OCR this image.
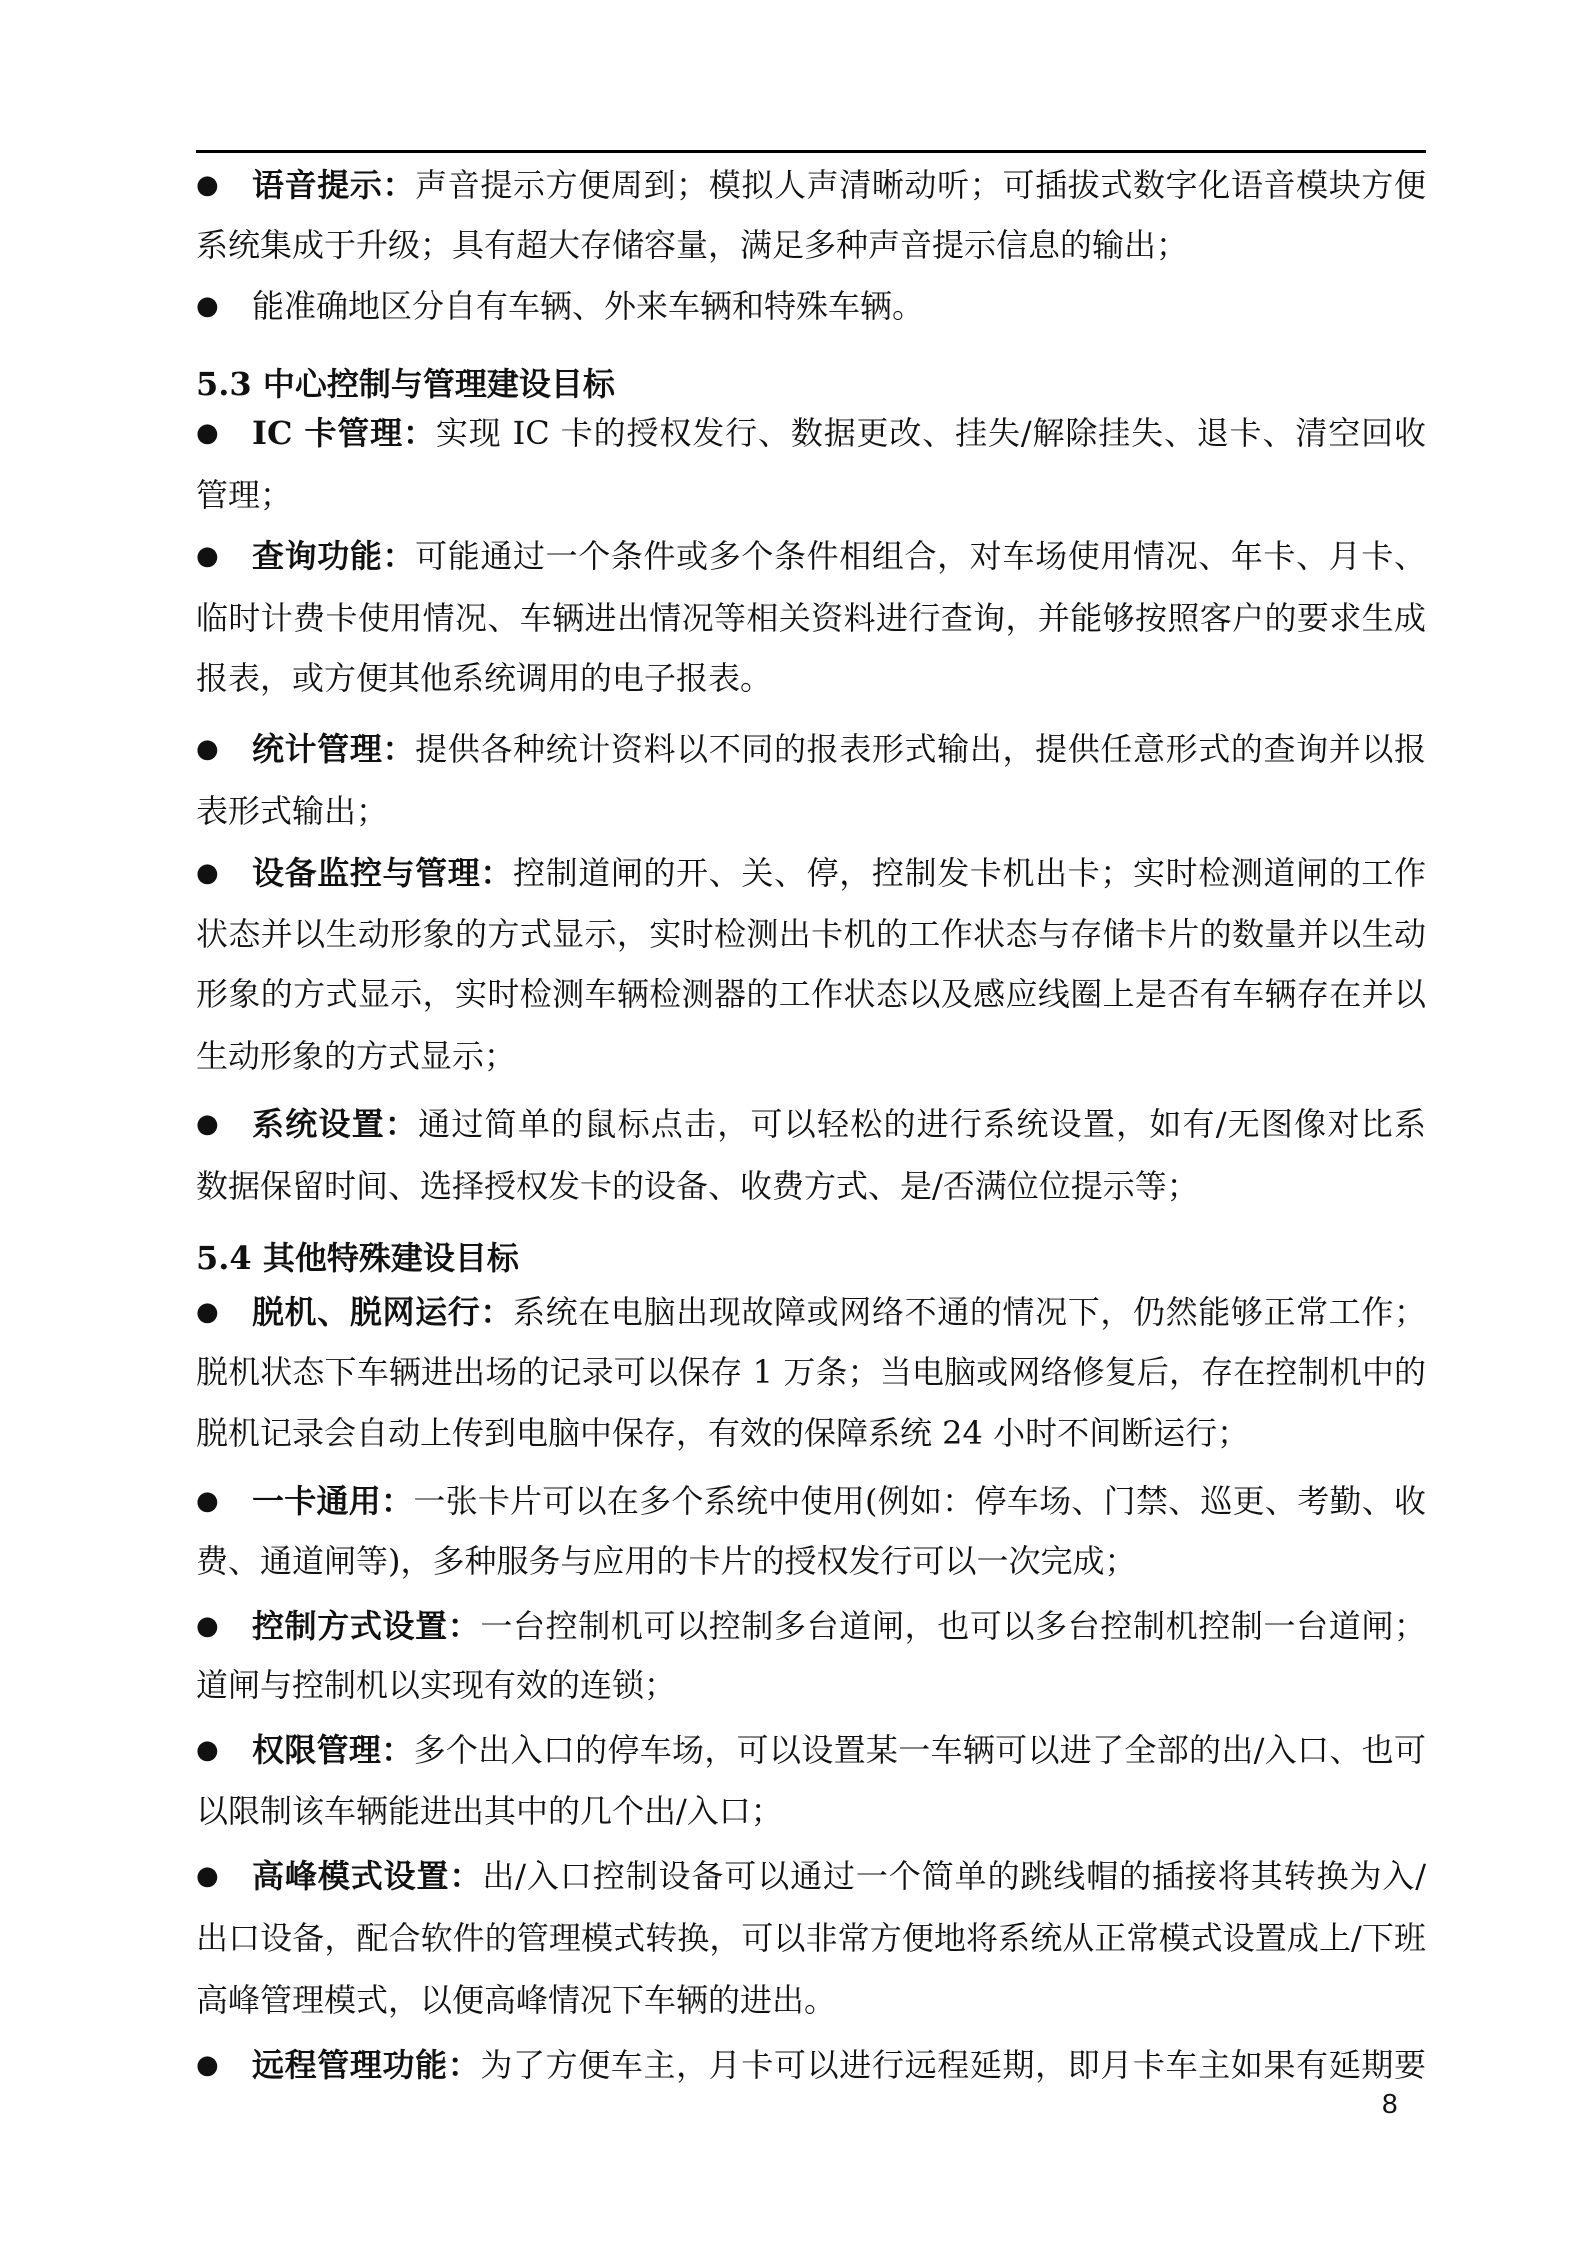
● 语音提示：声音提示方便周到；模拟人声清晰动听；可插拔式数字化语音模块方便
系统集成于升级；具有超大存储容量，满足多种声音提示信息的输出；
● 能准确地区分自有车辆、外来车辆和特殊车辆。
5.3 中心控制与管理建设目标
● IC 卡管理：实现 IC 卡的授权发行、数据更改、挂失/解除挂失、退卡、清空回收
管理；
● 查询功能：可能通过一个条件或多个条件相组合，对车场使用情况、年卡、月卡、
临时计费卡使用情况、车辆进出情况等相关资料进行查询，并能够按照客户的要求生成
报表，或方便其他系统调用的电子报表。
● 统计管理：提供各种统计资料以不同的报表形式输出，提供任意形式的查询并以报
表形式输出；
● 设备监控与管理：控制道闸的开、关、停，控制发卡机出卡；实时检测道闸的工作
状态并以生动形象的方式显示，实时检测出卡机的工作状态与存储卡片的数量并以生动
形象的方式显示，实时检测车辆检测器的工作状态以及感应线圈上是否有车辆存在并以
生动形象的方式显示；
● 系统设置：通过简单的鼠标点击，可以轻松的进行系统设置，如有/无图像对比系
数据保留时间、选择授权发卡的设备、收费方式、是/否满位位提示等；
5.4 其他特殊建设目标
● 脱机、脱网运行：系统在电脑出现故障或网络不通的情况下，仍然能够正常工作；
脱机状态下车辆进出场的记录可以保存 1 万条；当电脑或网络修复后，存在控制机中的
脱机记录会自动上传到电脑中保存，有效的保障系统 24 小时不间断运行；
● 一卡通用：一张卡片可以在多个系统中使用(例如：停车场、门禁、巡更、考勤、收
费、通道闸等)，多种服务与应用的卡片的授权发行可以一次完成；
● 控制方式设置：一台控制机可以控制多台道闸，也可以多台控制机控制一台道闸；
道闸与控制机以实现有效的连锁；
● 权限管理：多个出入口的停车场，可以设置某一车辆可以进了全部的出/入口、也可
以限制该车辆能进出其中的几个出/入口；
● 高峰模式设置：出/入口控制设备可以通过一个简单的跳线帽的插接将其转换为入/
出口设备，配合软件的管理模式转换，可以非常方便地将系统从正常模式设置成上/下班
高峰管理模式，以便高峰情况下车辆的进出。
● 远程管理功能：为了方便车主，月卡可以进行远程延期，即月卡车主如果有延期要
8
